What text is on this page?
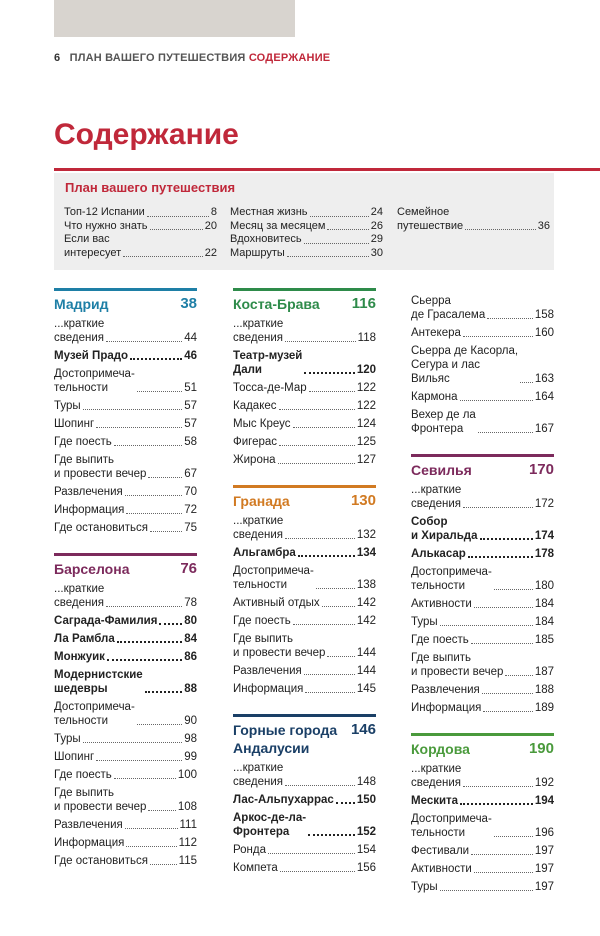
6 ПЛАН ВАШЕГО ПУТЕШЕСТВИЯ СОДЕРЖАНИЕ
Содержание
План вашего путешествия
Топ-12 Испании	8
Что нужно знать	20
Если вас
интересует	22
Местная жизнь	24
Месяц за месяцем	26
Вдохновитесь	29
Маршруты	30
Семейное
путешествие	36
Мадрид	38
...краткие
сведения	44
Музей Прадо	46
Достопримеча-
тельности	51
Туры	57
Шопинг	57
Где поесть	58
Где выпить
и провести вечер	67
Развлечения	70
Информация	72
Где остановиться	75
Барселона	76
...краткие
сведения	78
Саграда-Фамилия 80
Ла Рамбла	84
Монжуик	86
Модернистские
шедевры	88
Достопримеча-
тельности	90
Туры	98
Шопинг	99
Где поесть	100
Где выпить
и провести вечер	108
Развлечения	111
Информация	112
Где остановиться	115
Коста-Брава 116
...краткие
сведения	118
Театр-музей
Дали	120
Тосса-де-Мар	122
Кадакес	122
Мыс Креус	124
Фигерас	125
Жирона	127
Гранада	130
...краткие
сведения	132
Альгамбра	134
Достопримеча-
тельности	138
Активный отдых	142
Где поесть	142
Где выпить
и провести вечер	144
Развлечения	144
Информация	145
Горные города
Андалусии
146
...краткие
сведения	148
Лас-Альпухаррас 150
Аркос-де-ла-
Фронтера	152
Ронда	154
Компета	156
Сьерра
де Грасалема	158
Антекера	160
Сьерра де Касорла,
Сегура и лас
Вильяс	163
Кармона	164
Вехер де ла
Фронтера	167
Севилья	170
...краткие
сведения	172
Собор
и Хиральда	174
Алькасар	178
Достопримеча-
тельности	180
Активности	184
Туры	184
Где поесть	185
Где выпить
и провести вечер	187
Развлечения	188
Информация	189
Кордова	190
...краткие
сведения	192
Мескита	194
Достопримеча-
тельности	196
Фестивали	197
Активности	197
Туры	197
